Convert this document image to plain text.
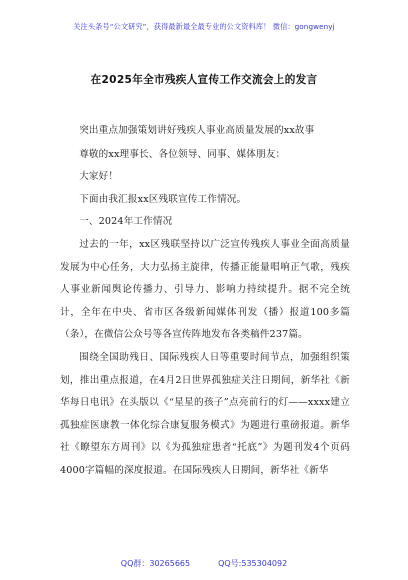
关注头条号“公文研究”，获得最新最全最专业的公文资料库！ 微信：gongwenyj
在2025年全市残疾人宣传工作交流会上的发言

突出重点加强策划讲好残疾人事业高质量发展的xx故事

尊敬的xx理事长、各位领导、同事、媒体朋友：

大家好！

下面由我汇报xx区残联宣传工作情况。

一、2024年工作情况

过去的一年，xx区残联坚持以广泛宣传残疾人事业全面高质量发展为中心任务，大力弘扬主旋律，传播正能量唱响正气歌，残疾人事业新闻舆论传播力、引导力、影响力持续提升。据不完全统计，全年在中央、省市区各级新闻媒体刊发（播）报道100多篇（条），在微信公众号等各宣传阵地发布各类稿件237篇。

围绕全国助残日、国际残疾人日等重要时间节点，加强组织策划，推出重点报道，在4月2日世界孤独症关注日期间，新华社《新华每日电讯》在头版以《“星星的孩子”点亮前行的灯——xxxx建立孤独症医康教一体化综合康复服务模式》为题进行重磅报道。新华社《瞭望东方周刊》以《为孤独症患者“托底”》为题刊发4个页码4000字篇幅的深度报道。在国际残疾人日期间，新华社《新华

QQ群：30265665	QQ号:535304092
